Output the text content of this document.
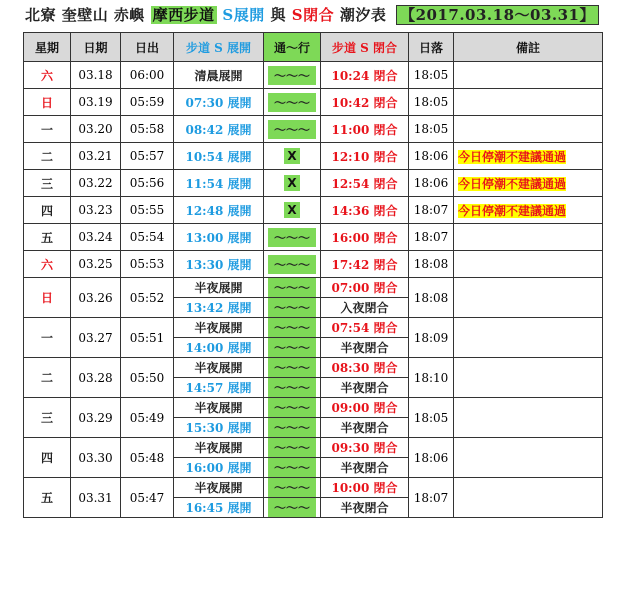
北寮 奎壁山 赤嶼 摩西步道 S展開 與 S閉合 潮汐表 【2017.03.18～03.31】
星期	日期	日出	步道 S 展開	通～行	步道 S 閉合	日落	備註
六	03.18	06:00	清晨展開	～～～	10:24 閉合	18:05	
日	03.19	05:59	07:30 展開	～～～	10:42 閉合	18:05	
一	03.20	05:58	08:42 展開	～～～	11:00 閉合	18:05	
二	03.21	05:57	10:54 展開	X	12:10 閉合	18:06	今日停潮不建議通過
三	03.22	05:56	11:54 展開	X	12:54 閉合	18:06	今日停潮不建議通過
四	03.23	05:55	12:48 展開	X	14:36 閉合	18:07	今日停潮不建議通過
五	03.24	05:54	13:00 展開	～～～	16:00 閉合	18:07	
六	03.25	05:53	13:30 展開	～～～	17:42 閉合	18:08	
日	03.26	05:52	半夜展開	～～～	07:00 閉合	18:08	
			13:42 展開	～～～	入夜閉合		
一	03.27	05:51	半夜展開	～～～	07:54 閉合	18:09	
			14:00 展開	～～～	半夜閉合		
二	03.28	05:50	半夜展開	～～～	08:30 閉合	18:10	
			14:57 展開	～～～	半夜閉合		
三	03.29	05:49	半夜展開	～～～	09:00 閉合	18:05	
			15:30 展開	～～～	半夜閉合		
四	03.30	05:48	半夜展開	～～～	09:30 閉合	18:06	
			16:00 展開	～～～	半夜閉合		
五	03.31	05:47	半夜展開	～～～	10:00 閉合	18:07	
			16:45 展開	～～～	半夜閉合		
